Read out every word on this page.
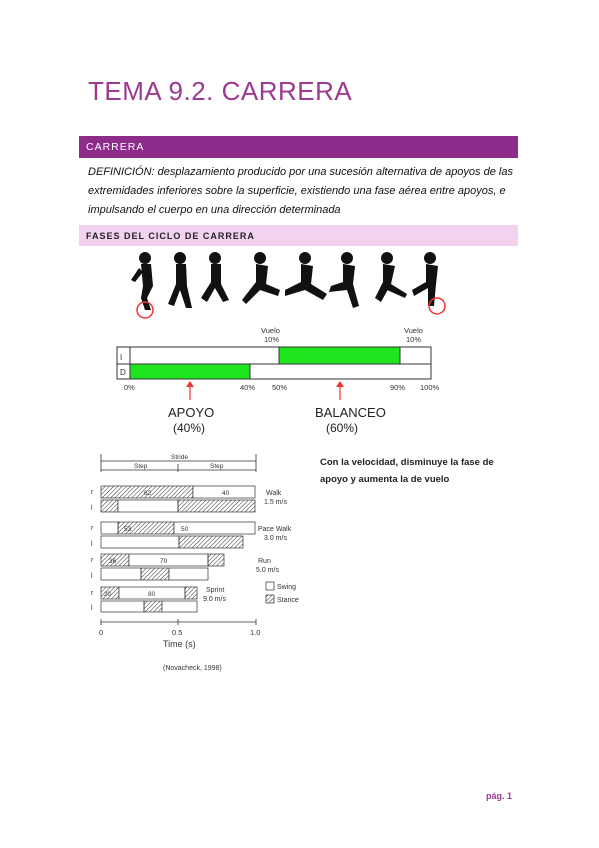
TEMA 9.2. CARRERA
CARRERA
DEFINICIÓN: desplazamiento producido por una sucesión alternativa de apoyos de las extremidades inferiores sobre la superficie, existiendo una fase aérea entre apoyos, e impulsando el cuerpo en una dirección determinada
FASES DEL CICLO DE CARRERA
Vuelo
10%
Vuelo
10%
I
D
0%	40% 50%	90% 100%
APOYO
(40%)
BALANCEO
(60%)
Stride
Step	Step
r
l
62	40	Walk
1.5 m/s
r
l
53	50	Pace Walk
3.0 m/s
r
l
36	70	Run
5.0 m/s
r
l
20	80
Sprint
9.0 m/s
Swing
Stance
0	0.5	1.0
Time (s)
(Novacheck, 1998)
Con la velocidad, disminuye la fase de apoyo y aumenta la de vuelo
pág. 1
